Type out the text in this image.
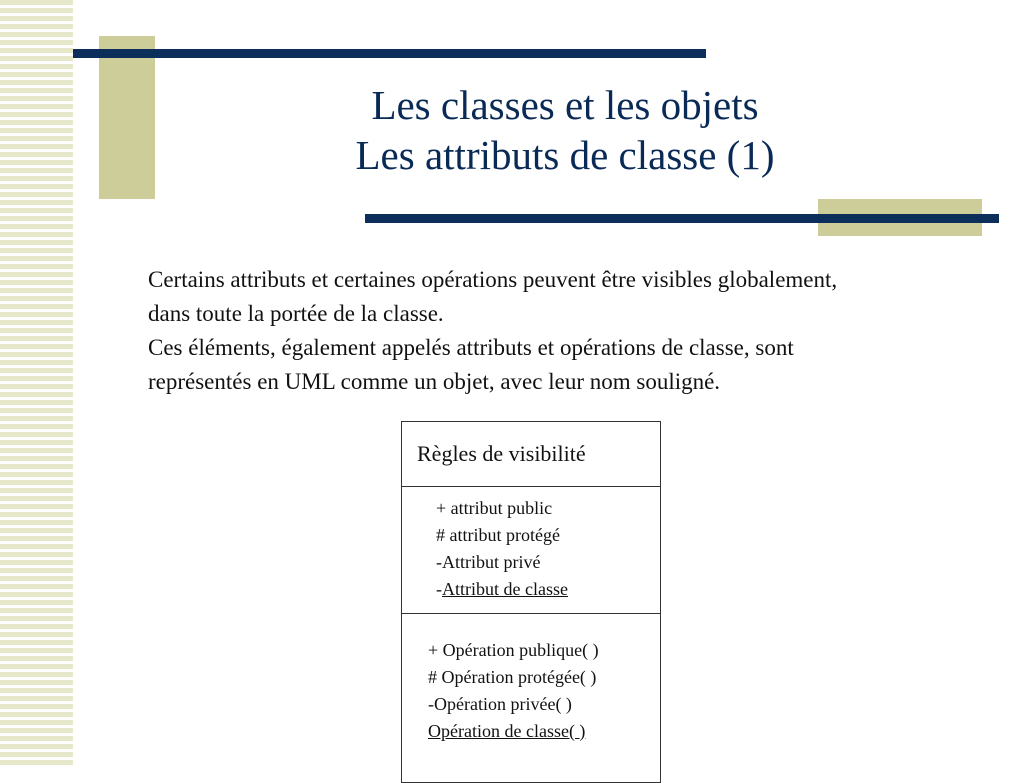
Les classes et les objets
Les attributs de classe (1)
Certains attributs et certaines opérations peuvent être visibles globalement,
dans toute la portée de la classe.
Ces éléments, également appelés attributs et opérations de classe, sont
représentés en UML comme un objet, avec leur nom souligné.
Règles de visibilité
+ attribut public
# attribut protégé
-Attribut privé
-Attribut de classe
+ Opération publique( )
# Opération protégée( )
-Opération privée( )
Opération de classe( )
